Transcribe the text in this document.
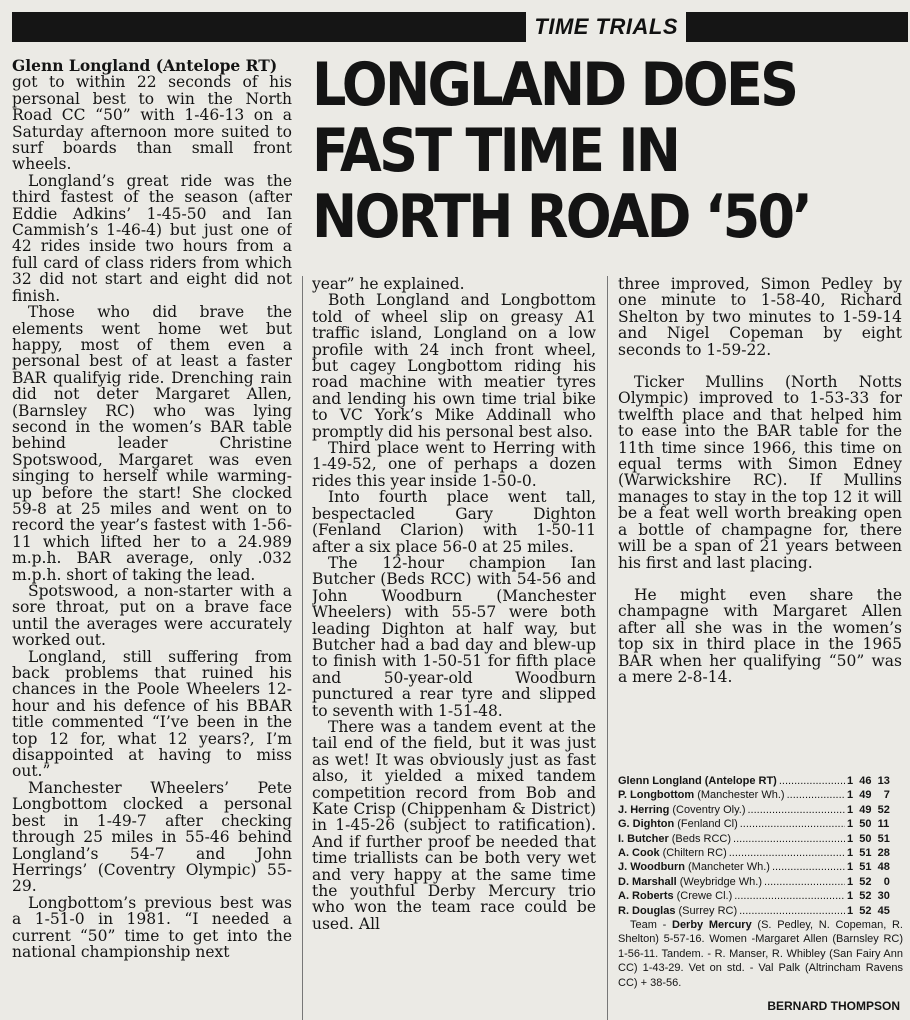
TIME TRIALS
LONGLAND DOES
FAST TIME IN
NORTH ROAD ‘50’
Glenn Longland (Antelope RT)

got to within 22 seconds of his personal best to win the North Road CC “50” with 1-46-13 on a Saturday afternoon more suited to surf boards than small front wheels.

Longland’s great ride was the third fastest of the season (after Eddie Adkins’ 1-45-50 and Ian Cammish’s 1-46-4) but just one of 42 rides inside two hours from a full card of class riders from which 32 did not start and eight did not finish.

Those who did brave the elements went home wet but happy, most of them even a personal best of at least a faster BAR qualifyig ride. Drenching rain did not deter Margaret Allen, (Barnsley RC) who was lying second in the women’s BAR table behind leader Christine Spotswood, Margaret was even singing to herself while warming-up before the start! She clocked 59-8 at 25 miles and went on to record the year’s fastest with 1-56-11 which lifted her to a 24.989 m.p.h. BAR average, only .032 m.p.h. short of taking the lead.

Spotswood, a non-starter with a sore throat, put on a brave face until the averages were accurately worked out.

Longland, still suffering from back problems that ruined his chances in the Poole Wheelers 12-hour and his defence of his BBAR title commented “I’ve been in the top 12 for, what 12 years?, I’m disappointed at having to miss out.”

Manchester Wheelers’ Pete Longbottom clocked a personal best in 1-49-7 after checking through 25 miles in 55-46 behind Longland’s 54-7 and John Herrings’ (Coventry Olympic) 55-29.

Longbottom’s previous best was a 1-51-0 in 1981. “I needed a current “50” time to get into the national championship next

year” he explained.

Both Longland and Longbottom told of wheel slip on greasy A1 traffic island, Longland on a low profile with 24 inch front wheel, but cagey Longbottom riding his road machine with meatier tyres and lending his own time trial bike to VC York’s Mike Addinall who promptly did his personal best also.

Third place went to Herring with 1-49-52, one of perhaps a dozen rides this year inside 1-50-0.

Into fourth place went tall, bespectacled Gary Dighton (Fenland Clarion) with 1-50-11 after a six place 56-0 at 25 miles.

The 12-hour champion Ian Butcher (Beds RCC) with 54-56 and John Woodburn (Manchester Wheelers) with 55-57 were both leading Dighton at half way, but Butcher had a bad day and blew-up to finish with 1-50-51 for fifth place and 50-year-old Woodburn punctured a rear tyre and slipped to seventh with 1-51-48.

There was a tandem event at the tail end of the field, but it was just as wet! It was obviously just as fast also, it yielded a mixed tandem competition record from Bob and Kate Crisp (Chippenham & District) in 1-45-26 (subject to ratification). And if further proof be needed that time triallists can be both very wet and very happy at the same time the youthful Derby Mercury trio who won the team race could be used. All

three improved, Simon Pedley by one minute to 1-58-40, Richard Shelton by two minutes to 1-59-14 and Nigel Copeman by eight seconds to 1-59-22.

Ticker Mullins (North Notts Olympic) improved to 1-53-33 for twelfth place and that helped him to ease into the BAR table for the 11th time since 1966, this time on equal terms with Simon Edney (Warwickshire RC). If Mullins manages to stay in the top 12 it will be a feat well worth breaking open a bottle of champagne for, there will be a span of 21 years between his first and last placing.

He might even share the champagne with Margaret Allen after all she was in the women’s top six in third place in the 1965 BAR when her qualifying “50” was a mere 2-8-14.

Glenn Longland (Antelope RT) .....	1  46  13
P. Longbottom (Manchester Wh.) .....	1  49    7
J. Herring (Coventry Oly.) .....	1  49  52
G. Dighton (Fenland Cl) .....	1  50  11
I. Butcher (Beds RCC) .....	1  50  51
A. Cook (Chiltern RC) .....	1  51  28
J. Woodburn (Mancheter Wh.) .....	1  51  48
D. Marshall (Weybridge Wh.) .....	1  52    0
A. Roberts (Crewe Cl.) .....	1  52  30
R. Douglas (Surrey RC) .....	1  52  45
Team - Derby Mercury (S. Pedley, N. Copeman, R. Shelton) 5-57-16. Women -Margaret Allen (Barnsley RC) 1-56-11. Tandem. - R. Manser, R. Whibley (San Fairy Ann CC) 1-43-29. Vet on std. - Val Palk (Altrincham Ravens CC) + 38-56.
BERNARD THOMPSON
